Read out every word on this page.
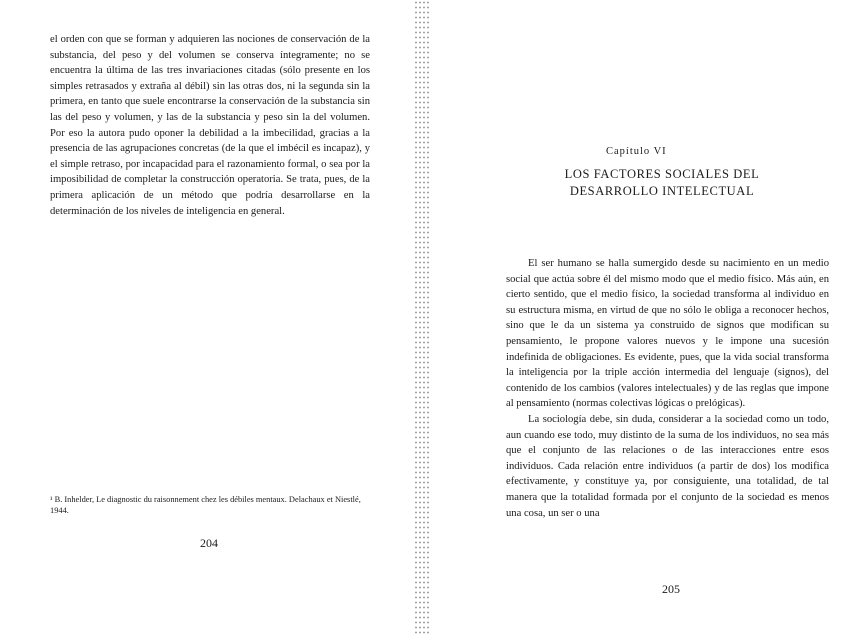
el orden con que se forman y adquieren las nociones de conservación de la substancia, del peso y del volumen se conserva íntegramente; no se encuentra la última de las tres invariaciones citadas (sólo presente en los simples retrasados y extraña al débil) sin las otras dos, ni la segunda sin la primera, en tanto que suele encontrarse la conservación de la substancia sin las del peso y volumen, y las de la substancia y peso sin la del volumen. Por eso la autora pudo oponer la debilidad a la imbecilidad, gracias a la presencia de las agrupaciones concretas (de la que el imbécil es incapaz), y el simple retraso, por incapacidad para el razonamiento formal, o sea por la imposibilidad de completar la construcción operatoria. Se trata, pues, de la primera aplicación de un método que podría desarrollarse en la determinación de los niveles de inteligencia en general.

¹ B. Inhelder, Le diagnostic du raisonnement chez les débiles mentaux. Delachaux et Niestlé, 1944.

204
Capítulo VI
LOS FACTORES SOCIALES DEL
DESARROLLO INTELECTUAL

El ser humano se halla sumergido desde su nacimiento en un medio social que actúa sobre él del mismo modo que el medio físico. Más aún, en cierto sentido, que el medio físico, la sociedad transforma al individuo en su estructura misma, en virtud de que no sólo le obliga a reconocer hechos, sino que le da un sistema ya construido de signos que modifican su pensamiento, le propone valores nuevos y le impone una sucesión indefinida de obligaciones. Es evidente, pues, que la vida social transforma la inteligencia por la triple acción intermedia del lenguaje (signos), del contenido de los cambios (valores intelectuales) y de las reglas que impone al pensamiento (normas colectivas lógicas o prelógicas).

La sociología debe, sin duda, considerar a la sociedad como un todo, aun cuando ese todo, muy distinto de la suma de los individuos, no sea más que el conjunto de las relaciones o de las interacciones entre esos individuos. Cada relación entre individuos (a partir de dos) los modifica efectivamente, y constituye ya, por consiguiente, una totalidad, de tal manera que la totalidad formada por el conjunto de la sociedad es menos una cosa, un ser o una

205
